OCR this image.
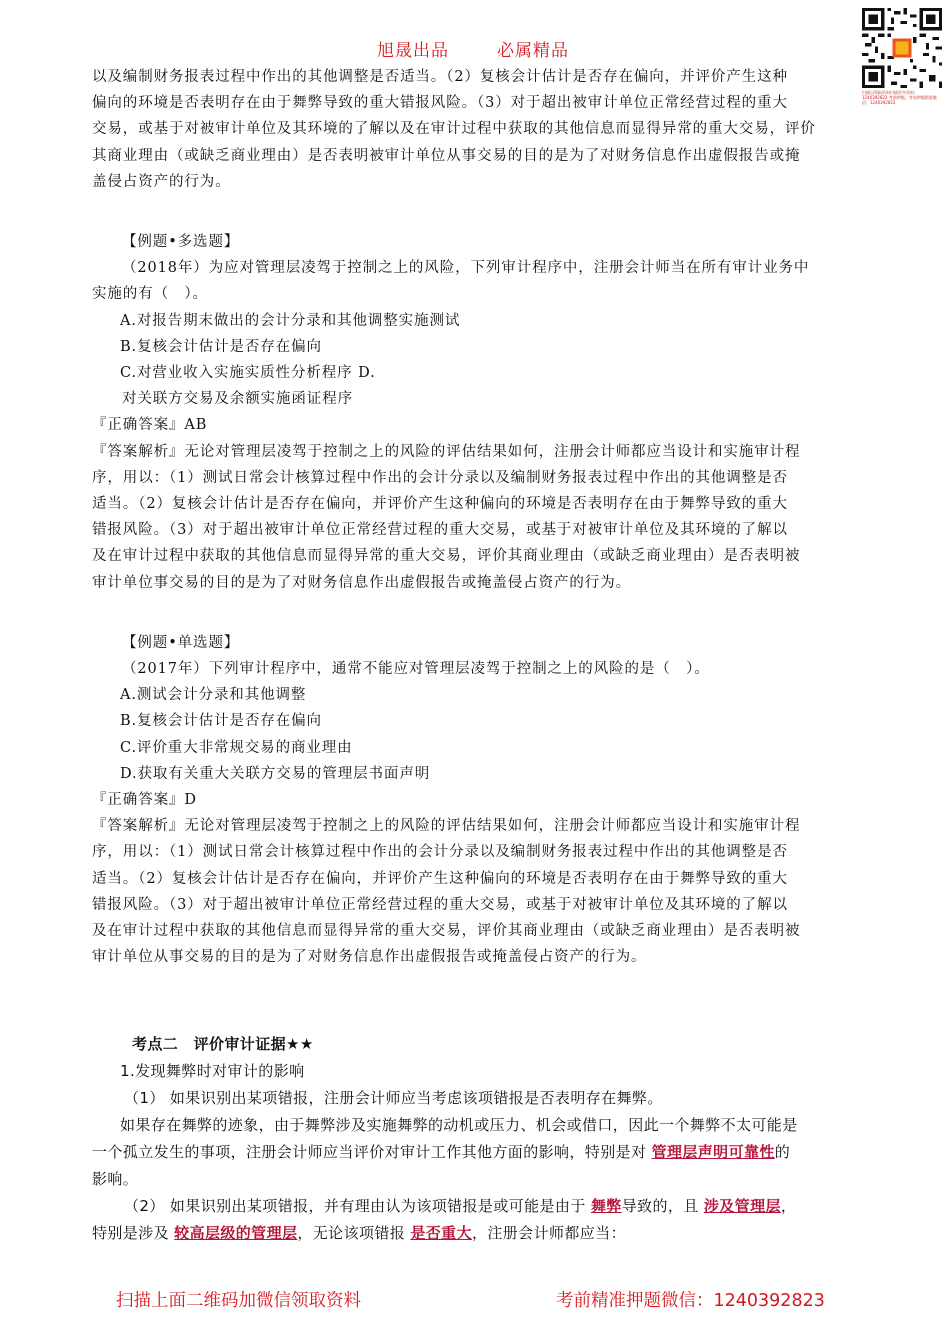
旭晟出品	必属精品
扫描以领取资料扫描更多资料：1240392823 考前押题，考前押题精准微信：1240392823

以及编制财务报表过程中作出的其他调整是否适当。（2）复核会计估计是否存在偏向，并评价产生这种

偏向的环境是否表明存在由于舞弊导致的重大错报风险。（3）对于超出被审计单位正常经营过程的重大

交易，或基于对被审计单位及其环境的了解以及在审计过程中获取的其他信息而显得异常的重大交易，评价

其商业理由（或缺乏商业理由）是否表明被审计单位从事交易的目的是为了对财务信息作出虚假报告或掩

盖侵占资产的行为。

【例题•多选题】

（2018年）为应对管理层凌驾于控制之上的风险，下列审计程序中，注册会计师当在所有审计业务中

实施的有（　）。

A.对报告期末做出的会计分录和其他调整实施测试

B.复核会计估计是否存在偏向

C.对营业收入实施实质性分析程序 D.

对关联方交易及余额实施函证程序

『正确答案』AB

『答案解析』无论对管理层凌驾于控制之上的风险的评估结果如何，注册会计师都应当设计和实施审计程

序，用以：（1）测试日常会计核算过程中作出的会计分录以及编制财务报表过程中作出的其他调整是否

适当。（2）复核会计估计是否存在偏向，并评价产生这种偏向的环境是否表明存在由于舞弊导致的重大

错报风险。（3）对于超出被审计单位正常经营过程的重大交易，或基于对被审计单位及其环境的了解以

及在审计过程中获取的其他信息而显得异常的重大交易，评价其商业理由（或缺乏商业理由）是否表明被

审计单位事交易的目的是为了对财务信息作出虚假报告或掩盖侵占资产的行为。

【例题•单选题】

（2017年）下列审计程序中，通常不能应对管理层凌驾于控制之上的风险的是（　）。

A.测试会计分录和其他调整

B.复核会计估计是否存在偏向

C.评价重大非常规交易的商业理由

D.获取有关重大关联方交易的管理层书面声明

『正确答案』D

『答案解析』无论对管理层凌驾于控制之上的风险的评估结果如何，注册会计师都应当设计和实施审计程

序，用以：（1）测试日常会计核算过程中作出的会计分录以及编制财务报表过程中作出的其他调整是否

适当。（2）复核会计估计是否存在偏向，并评价产生这种偏向的环境是否表明存在由于舞弊导致的重大

错报风险。（3）对于超出被审计单位正常经营过程的重大交易，或基于对被审计单位及其环境的了解以

及在审计过程中获取的其他信息而显得异常的重大交易，评价其商业理由（或缺乏商业理由）是否表明被

审计单位从事交易的目的是为了对财务信息作出虚假报告或掩盖侵占资产的行为。

考点二　评价审计证据★★

1.发现舞弊时对审计的影响

（1） 如果识别出某项错报，注册会计师应当考虑该项错报是否表明存在舞弊。

如果存在舞弊的迹象，由于舞弊涉及实施舞弊的动机或压力、机会或借口，因此一个舞弊不太可能是

一个孤立发生的事项，注册会计师应当评价对审计工作其他方面的影响，特别是对 管理层声明可靠性的

影响。

（2） 如果识别出某项错报，并有理由认为该项错报是或可能是由于 舞弊导致的，且 涉及管理层，

特别是涉及 较高层级的管理层，无论该项错报 是否重大，注册会计师都应当：

扫描上面二维码加微信领取资料	考前精准押题微信：1240392823
